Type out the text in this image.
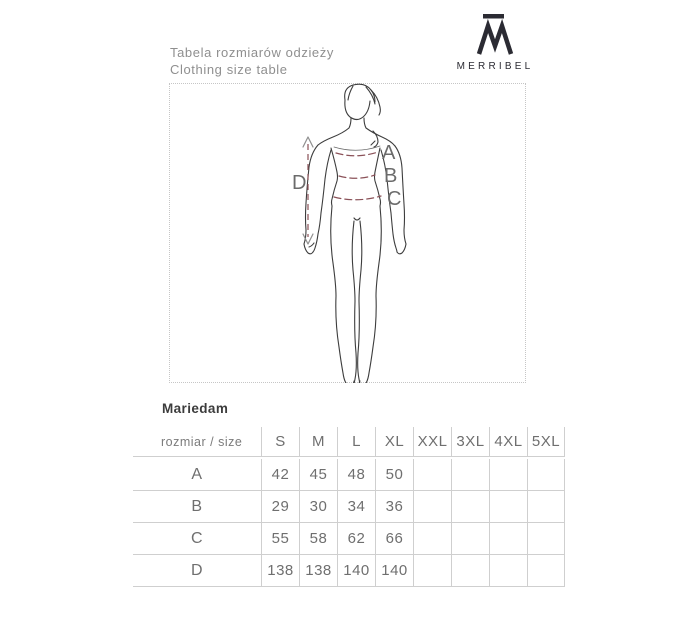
MERRIBEL
Tabela rozmiarów odzieży
Clothing size table
A
B
C
D
Mariedam
rozmiar / size	S	M	L	XL XXL 3XL 4XL 5XL
A	42	45	48	50
B	29	30	34	36
C	55	58	62	66
D	138 138 140 140
